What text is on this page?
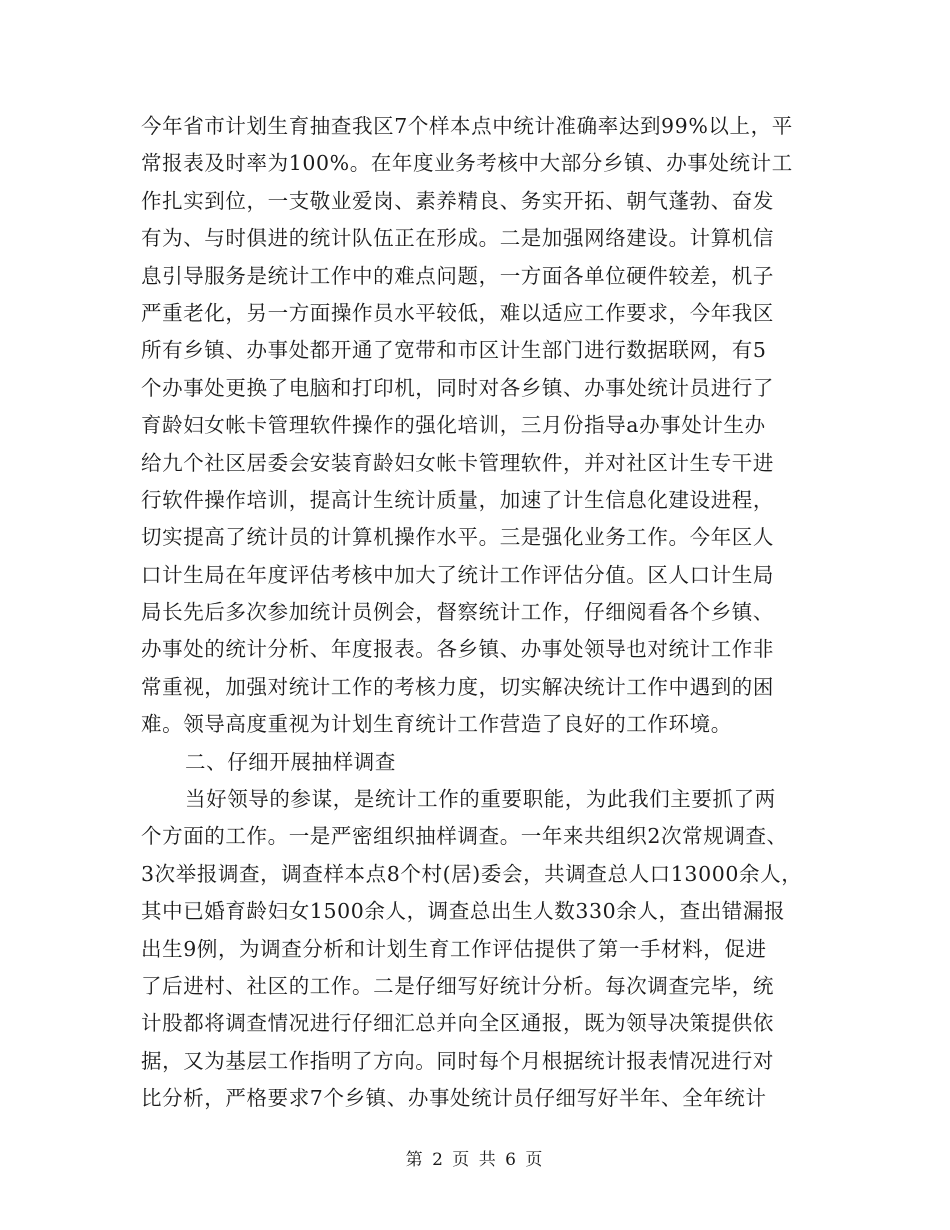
今年省市计划生育抽查我区7个样本点中统计准确率达到99%以上，平
常报表及时率为100%。在年度业务考核中大部分乡镇、办事处统计工
作扎实到位，一支敬业爱岗、素养精良、务实开拓、朝气蓬勃、奋发
有为、与时俱进的统计队伍正在形成。二是加强网络建设。计算机信
息引导服务是统计工作中的难点问题，一方面各单位硬件较差，机子
严重老化，另一方面操作员水平较低，难以适应工作要求，今年我区
所有乡镇、办事处都开通了宽带和市区计生部门进行数据联网，有5
个办事处更换了电脑和打印机，同时对各乡镇、办事处统计员进行了
育龄妇女帐卡管理软件操作的强化培训，三月份指导a办事处计生办
给九个社区居委会安装育龄妇女帐卡管理软件，并对社区计生专干进
行软件操作培训，提高计生统计质量，加速了计生信息化建设进程，
切实提高了统计员的计算机操作水平。三是强化业务工作。今年区人
口计生局在年度评估考核中加大了统计工作评估分值。区人口计生局
局长先后多次参加统计员例会，督察统计工作，仔细阅看各个乡镇、
办事处的统计分析、年度报表。各乡镇、办事处领导也对统计工作非
常重视，加强对统计工作的考核力度，切实解决统计工作中遇到的困
难。领导高度重视为计划生育统计工作营造了良好的工作环境。
二、仔细开展抽样调查
当好领导的参谋，是统计工作的重要职能，为此我们主要抓了两
个方面的工作。一是严密组织抽样调查。一年来共组织2次常规调查、
3次举报调查，调查样本点8个村(居)委会，共调查总人口13000余人，
其中已婚育龄妇女1500余人，调查总出生人数330余人，查出错漏报
出生9例，为调查分析和计划生育工作评估提供了第一手材料，促进
了后进村、社区的工作。二是仔细写好统计分析。每次调查完毕，统
计股都将调查情况进行仔细汇总并向全区通报，既为领导决策提供依
据，又为基层工作指明了方向。同时每个月根据统计报表情况进行对
比分析，严格要求7个乡镇、办事处统计员仔细写好半年、全年统计
第 2 页 共 6 页
